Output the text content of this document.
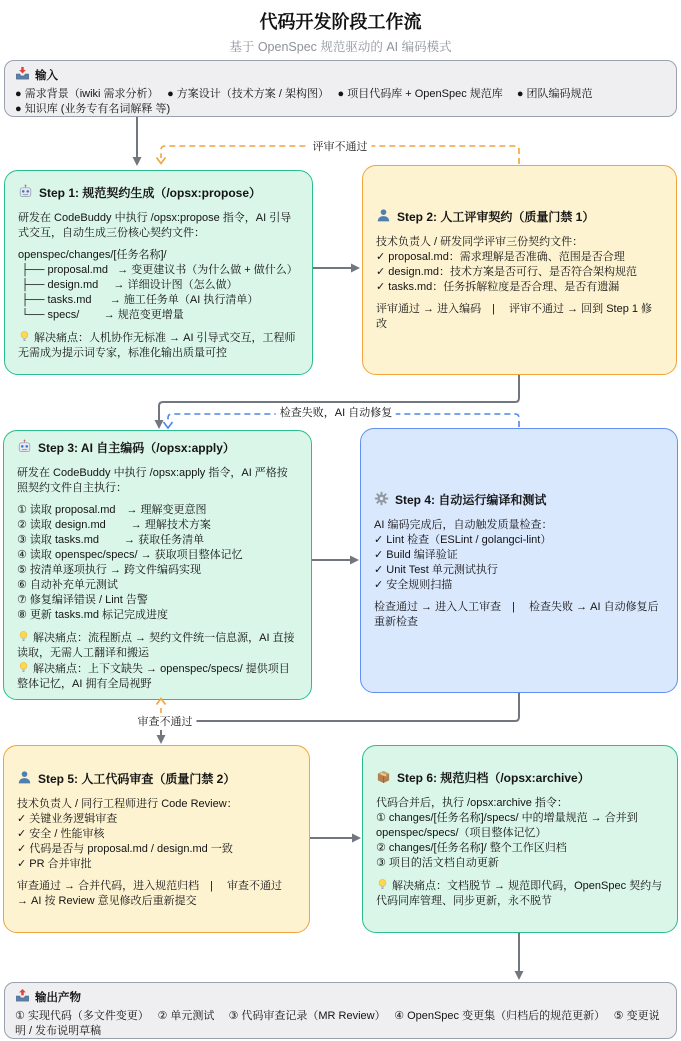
代码开发阶段工作流
基于 OpenSpec 规范驱动的 AI 编码模式
输入
● 需求背景（iwiki 需求分析）　 ● 方案设计（技术方案 / 架构图）　 ● 项目代码库 + OpenSpec 规范库　 ● 团队编码规范
● 知识库 (业务专有名词解释 等)
Step 1: 规范契约生成（/opsx:propose）
研发在 CodeBuddy 中执行 /opsx:propose 指令，AI 引导式交互，自动生成三份核心契约文件：
openspec/changes/[任务名称]/
├── proposal.md   → 变更建议书（为什么做 + 做什么）
├── design.md     → 详细设计图（怎么做）
├── tasks.md      → 施工任务单（AI 执行清单）
└── specs/        → 规范变更增量
解决痛点：人机协作无标准 → AI 引导式交互，工程师无需成为提示词专家，标准化输出质量可控
Step 2: 人工评审契约（质量门禁 1）
技术负责人 / 研发同学评审三份契约文件：
✓ proposal.md：需求理解是否准确、范围是否合理
✓ design.md：技术方案是否可行、是否符合架构规范
✓ tasks.md：任务拆解粒度是否合理、是否有遗漏
评审通过 → 进入编码　|　 评审不通过 → 回到 Step 1 修改
Step 3: AI 自主编码（/opsx:apply）
研发在 CodeBuddy 中执行 /opsx:apply 指令，AI 严格按照契约文件自主执行：
① 读取 proposal.md　→ 理解变更意图
② 读取 design.md　 　→ 理解技术方案
③ 读取 tasks.md　　 → 获取任务清单
④ 读取 openspec/specs/ → 获取项目整体记忆
⑤ 按清单逐项执行 → 跨文件编码实现
⑥ 自动补充单元测试
⑦ 修复编译错误 / Lint 告警
⑧ 更新 tasks.md 标记完成进度
解决痛点：流程断点 → 契约文件统一信息源，AI 直接读取，无需人工翻译和搬运
解决痛点：上下文缺失 → openspec/specs/ 提供项目整体记忆，AI 拥有全局视野
Step 4: 自动运行编译和测试
AI 编码完成后，自动触发质量检查：
✓ Lint 检查（ESLint / golangci-lint）
✓ Build 编译验证
✓ Unit Test 单元测试执行
✓ 安全规则扫描
检查通过 → 进入人工审查　|　 检查失败 → AI 自动修复后重新检查
Step 5: 人工代码审查（质量门禁 2）
技术负责人 / 同行工程师进行 Code Review：
✓ 关键业务逻辑审查
✓ 安全 / 性能审核
✓ 代码是否与 proposal.md / design.md 一致
✓ PR 合并审批
审查通过 → 合并代码，进入规范归档　|　 审查不通过 → AI 按 Review 意见修改后重新提交
Step 6: 规范归档（/opsx:archive）
代码合并后，执行 /opsx:archive 指令：
① changes/[任务名称]/specs/ 中的增量规范 → 合并到 openspec/specs/（项目整体记忆）
② changes/[任务名称]/ 整个工作区归档
③ 项目的活文档自动更新
解决痛点：文档脱节 → 规范即代码，OpenSpec 契约与代码同库管理、同步更新，永不脱节
输出产物
① 实现代码（多文件变更）　 ② 单元测试　 ③ 代码审查记录（MR Review）　 ④ OpenSpec 变更集（归档后的规范更新）　 ⑤ 变更说明 / 发布说明草稿
评审不通过
检查失败，AI 自动修复
审查不通过
